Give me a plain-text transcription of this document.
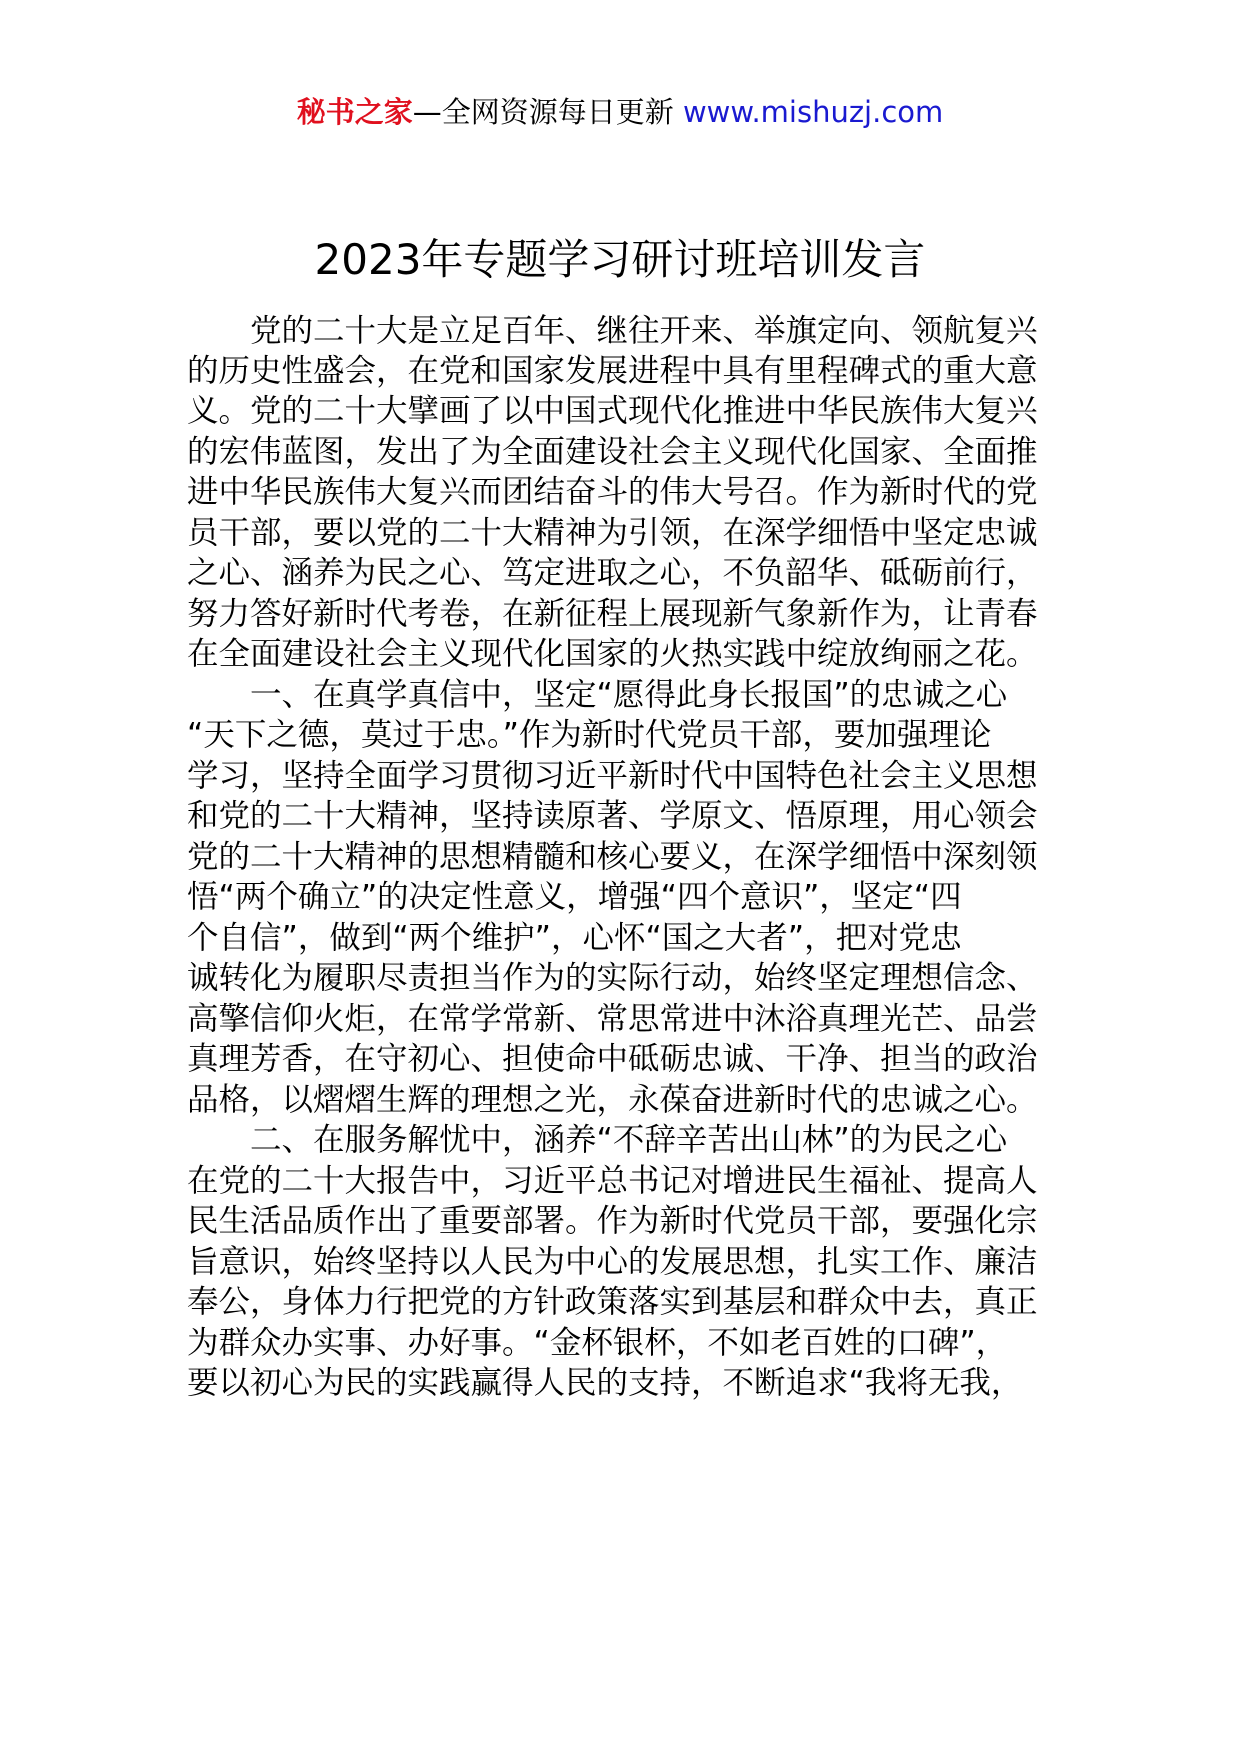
秘书之家—全网资源每日更新 www.mishuzj.com
2023年专题学习研讨班培训发言
党的二十大是立足百年、继往开来、举旗定向、领航复兴
的历史性盛会，在党和国家发展进程中具有里程碑式的重大意
义。党的二十大擘画了以中国式现代化推进中华民族伟大复兴
的宏伟蓝图，发出了为全面建设社会主义现代化国家、全面推
进中华民族伟大复兴而团结奋斗的伟大号召。作为新时代的党
员干部，要以党的二十大精神为引领，在深学细悟中坚定忠诚
之心、涵养为民之心、笃定进取之心，不负韶华、砥砺前行，
努力答好新时代考卷，在新征程上展现新气象新作为，让青春
在全面建设社会主义现代化国家的火热实践中绽放绚丽之花。
一、在真学真信中，坚定“愿得此身长报国”的忠诚之心
“天下之德，莫过于忠。”作为新时代党员干部，要加强理论
学习，坚持全面学习贯彻习近平新时代中国特色社会主义思想
和党的二十大精神，坚持读原著、学原文、悟原理，用心领会
党的二十大精神的思想精髓和核心要义，在深学细悟中深刻领
悟“两个确立”的决定性意义，增强“四个意识”，坚定“四
个自信”，做到“两个维护”，心怀“国之大者”，把对党忠
诚转化为履职尽责担当作为的实际行动，始终坚定理想信念、
高擎信仰火炬，在常学常新、常思常进中沐浴真理光芒、品尝
真理芳香，在守初心、担使命中砥砺忠诚、干净、担当的政治
品格，以熠熠生辉的理想之光，永葆奋进新时代的忠诚之心。
二、在服务解忧中，涵养“不辞辛苦出山林”的为民之心
在党的二十大报告中，习近平总书记对增进民生福祉、提高人
民生活品质作出了重要部署。作为新时代党员干部，要强化宗
旨意识，始终坚持以人民为中心的发展思想，扎实工作、廉洁
奉公，身体力行把党的方针政策落实到基层和群众中去，真正
为群众办实事、办好事。“金杯银杯，不如老百姓的口碑”，
要以初心为民的实践赢得人民的支持，不断追求“我将无我，
